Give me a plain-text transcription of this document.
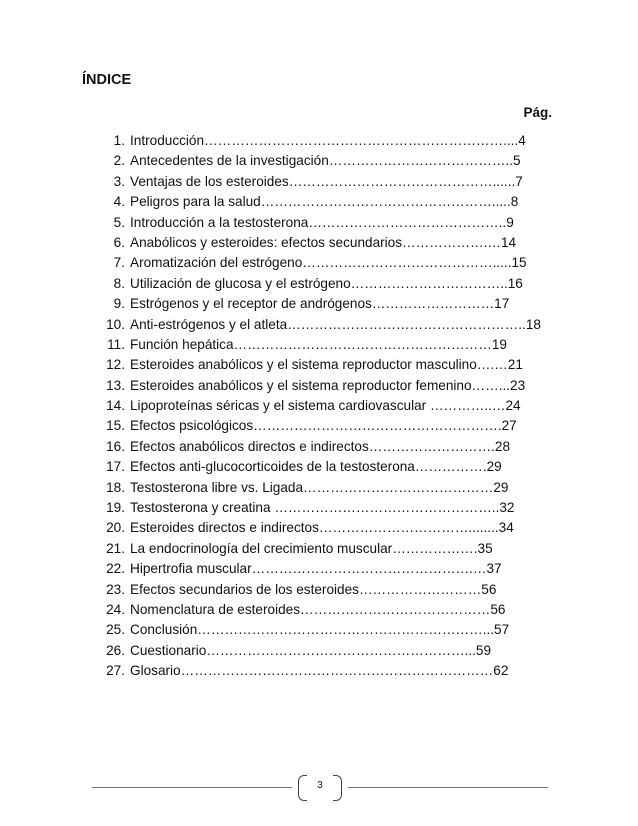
ÍNDICE
Pág.
1. Introducción…………………………………………………………....4
2. Antecedentes de la investigación…………………………………..5
3. Ventajas de los esteroides………………………………………......7
4. Peligros para la salud…………………………………………….....8
5. Introducción a la testosterona……………………………………..9
6. Anabólicos y esteroides: efectos secundarios……………….…14
7. Aromatización del estrógeno…………………………………….....15
8. Utilización de glucosa y el estrógeno……………………………..16
9. Estrógenos y el receptor de andrógenos………………………17
10. Anti-estrógenos y el atleta……………………………………………..18
11. Función hepática…………………………………………………19
12. Esteroides anabólicos y el sistema reproductor masculino….…21
13. Esteroides anabólicos y el sistema reproductor femenino……...23
14. Lipoproteínas séricas y el sistema cardiovascular …………..…24
15. Efectos psicológicos……………………………………………….27
16. Efectos anabólicos directos e indirectos……………………….28
17. Efectos anti-glucocorticoides de la testosterona…………….29
18. Testosterona libre vs. Ligada……………………………………29
19. Testosterona y creatina …………………………………………..32
20. Esteroides directos e indirectos……………………………........34
21. La endocrinología del crecimiento muscular……………….35
22. Hipertrofia muscular………………………………………….…37
23. Efectos secundarios de los esteroides………………………56
24. Nomenclatura de esteroides……………………………………56
25. Conclusión………………………………………………………...57
26. Cuestionario…………………………………………………...59
27. Glosario……………………………………………………………62
3
